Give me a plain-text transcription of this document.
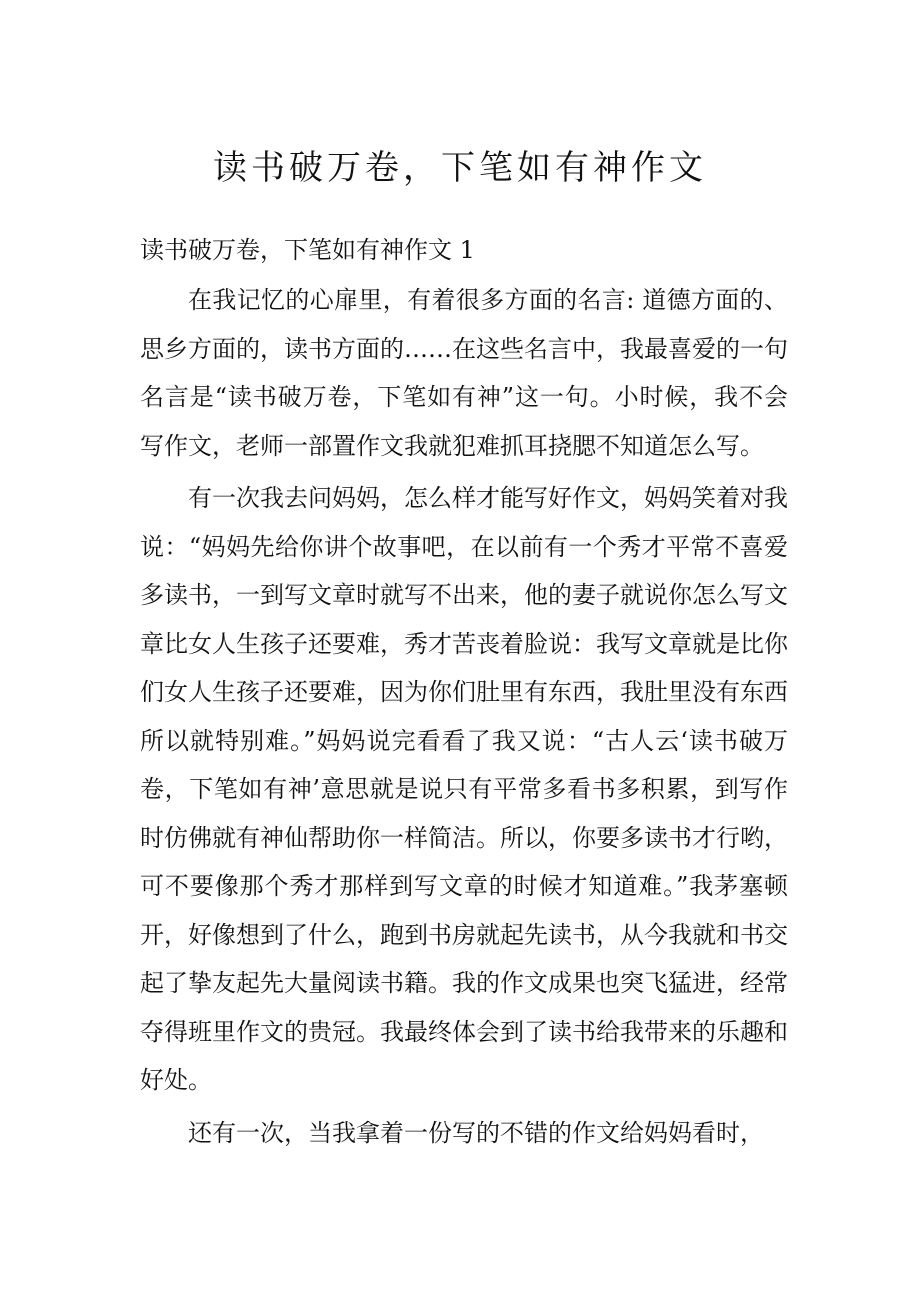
读书破万卷，下笔如有神作文

读书破万卷，下笔如有神作文 1

在我记忆的心扉里，有着很多方面的名言: 道德方面的、思乡方面的，读书方面的……在这些名言中，我最喜爱的一句名言是“读书破万卷，下笔如有神”这一句。小时候，我不会写作文，老师一部置作文我就犯难抓耳挠腮不知道怎么写。

有一次我去问妈妈，怎么样才能写好作文，妈妈笑着对我说：“妈妈先给你讲个故事吧，在以前有一个秀才平常不喜爱多读书，一到写文章时就写不出来，他的妻子就说你怎么写文章比女人生孩子还要难，秀才苦丧着脸说：我写文章就是比你们女人生孩子还要难，因为你们肚里有东西，我肚里没有东西所以就特别难。”妈妈说完看看了我又说：“古人云‘读书破万卷，下笔如有神’意思就是说只有平常多看书多积累，到写作时仿佛就有神仙帮助你一样简洁。所以，你要多读书才行哟，可不要像那个秀才那样到写文章的时候才知道难。”我茅塞顿开，好像想到了什么，跑到书房就起先读书，从今我就和书交起了挚友起先大量阅读书籍。我的作文成果也突飞猛进，经常夺得班里作文的贵冠。我最终体会到了读书给我带来的乐趣和好处。

还有一次，当我拿着一份写的不错的作文给妈妈看时，
